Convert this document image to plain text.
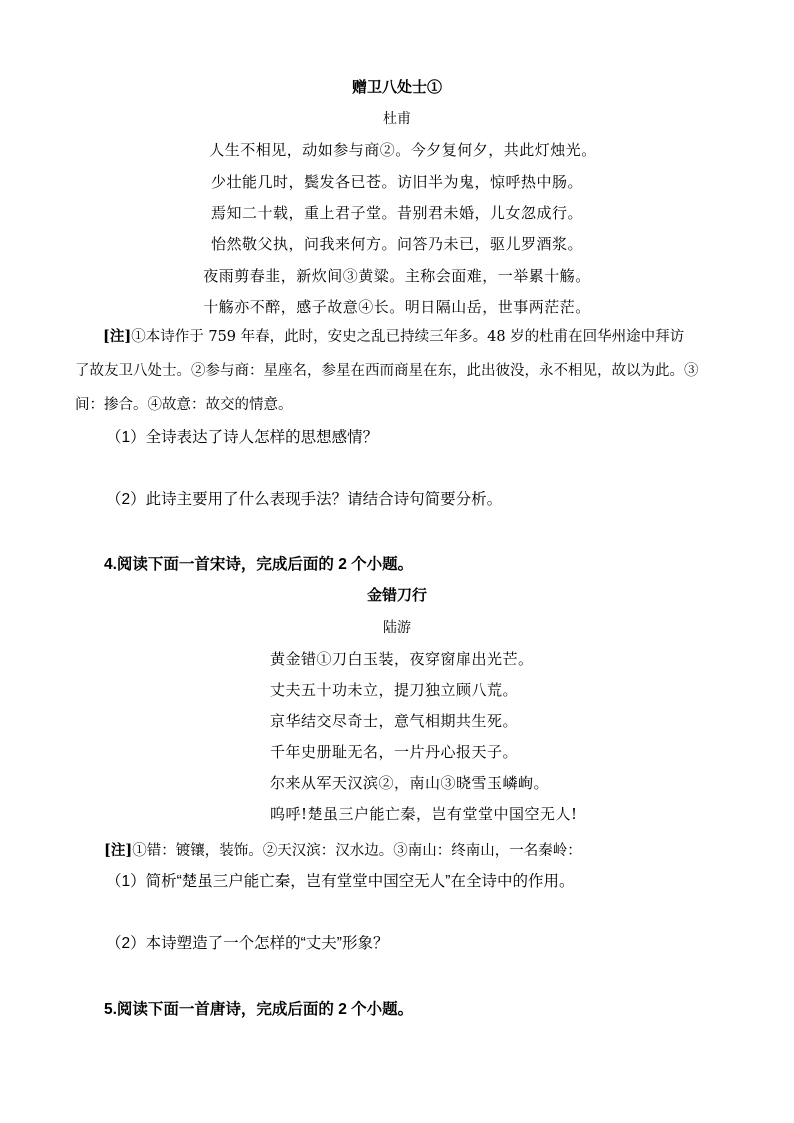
赠卫八处士①
杜甫
人生不相见，动如参与商②。今夕复何夕，共此灯烛光。
少壮能几时，鬓发各已苍。访旧半为鬼，惊呼热中肠。
焉知二十载，重上君子堂。昔别君未婚，儿女忽成行。
怡然敬父执，问我来何方。问答乃未已，驱儿罗酒浆。
夜雨剪春韭，新炊间③黄粱。主称会面难，一举累十觞。
十觞亦不醉，感子故意④长。明日隔山岳，世事两茫茫。
[注]①本诗作于 759 年春，此时，安史之乱已持续三年多。48 岁的杜甫在回华州途中拜访
了故友卫八处士。②参与商：星座名，参星在西而商星在东，此出彼没，永不相见，故以为此。③
间：掺合。④故意：故交的情意。
（1）全诗表达了诗人怎样的思想感情？
（2）此诗主要用了什么表现手法？请结合诗句简要分析。
4.阅读下面一首宋诗，完成后面的 2 个小题。
金错刀行
陆游
黄金错①刀白玉装，夜穿窗扉出光芒。
丈夫五十功未立，提刀独立顾八荒。
京华结交尽奇士，意气相期共生死。
千年史册耻无名，一片丹心报天子。
尔来从军天汉滨②，南山③晓雪玉嶙峋。
呜呼!楚虽三户能亡秦，岂有堂堂中国空无人!
[注]①错：镀镶，装饰。②天汉滨：汉水边。③南山：终南山，一名秦岭：
（1）简析“楚虽三户能亡秦，岂有堂堂中国空无人”在全诗中的作用。
（2）本诗塑造了一个怎样的“丈夫”形象？
5.阅读下面一首唐诗，完成后面的 2 个小题。
